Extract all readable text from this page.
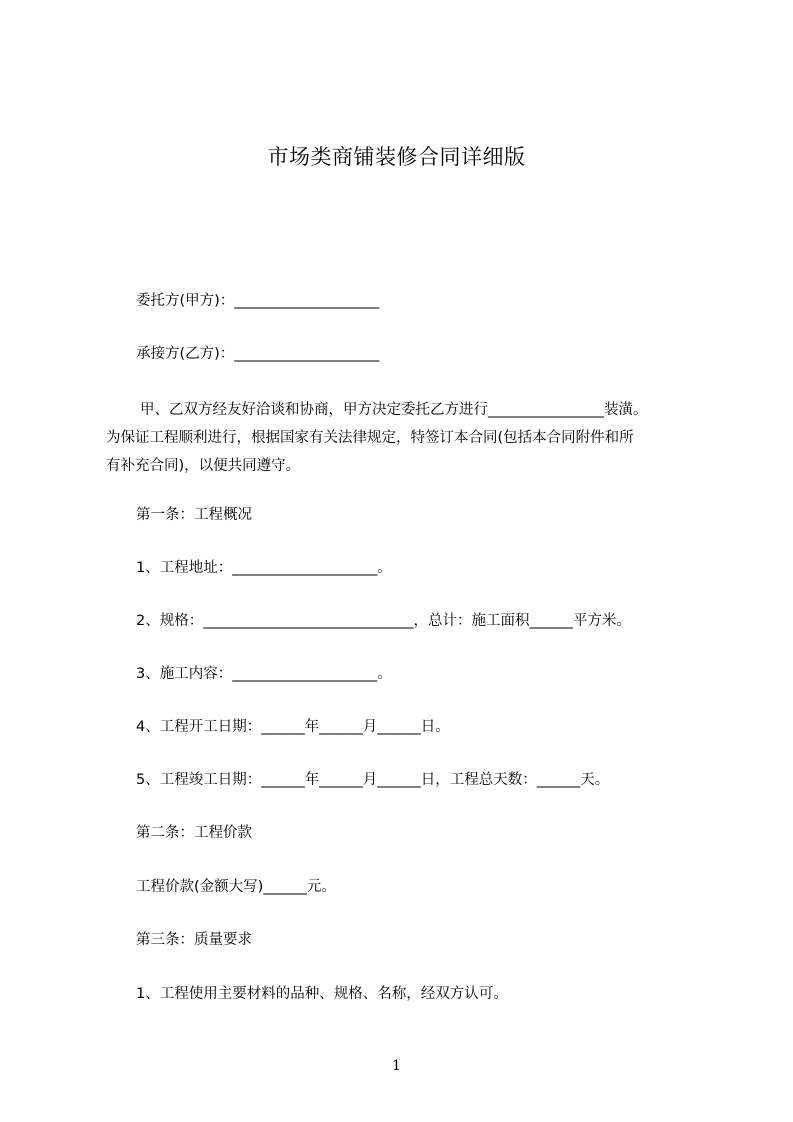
市场类商铺装修合同详细版
委托方(甲方)：____________________
承接方(乙方)：____________________
甲、乙双方经友好洽谈和协商，甲方决定委托乙方进行________________装潢。
为保证工程顺利进行，根据国家有关法律规定，特签订本合同(包括本合同附件和所
有补充合同)，以便共同遵守。
第一条：工程概况
1、工程地址：____________________。
2、规格：_____________________________，总计：施工面积______平方米。
3、施工内容：____________________。
4、工程开工日期：______年______月______日。
5、工程竣工日期：______年______月______日，工程总天数：______天。
第二条：工程价款
工程价款(金额大写)______元。
第三条：质量要求
1、工程使用主要材料的品种、规格、名称，经双方认可。
1
